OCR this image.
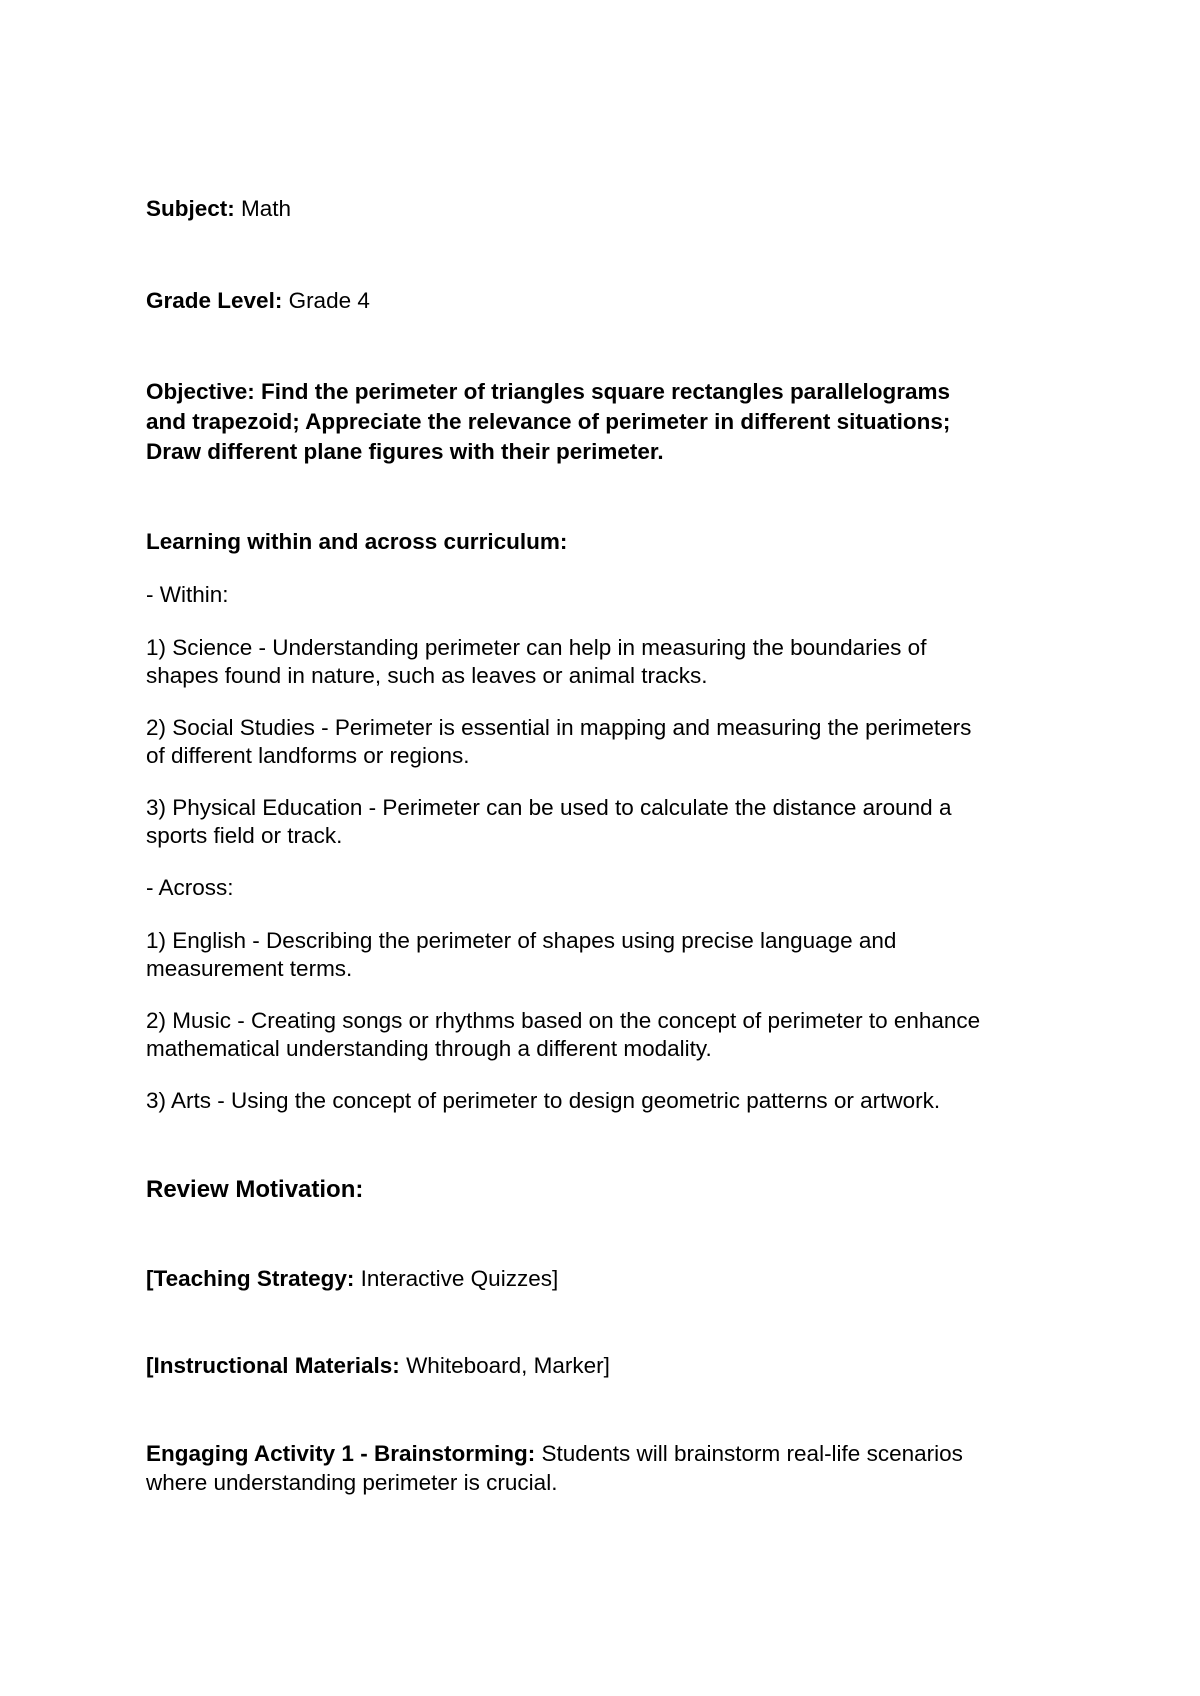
Subject: Math

Grade Level: Grade 4

Objective: Find the perimeter of triangles square rectangles parallelograms

and trapezoid; Appreciate the relevance of perimeter in different situations;

Draw different plane figures with their perimeter.

Learning within and across curriculum:

- Within:

1) Science - Understanding perimeter can help in measuring the boundaries of

shapes found in nature, such as leaves or animal tracks.

2) Social Studies - Perimeter is essential in mapping and measuring the perimeters

of different landforms or regions.

3) Physical Education - Perimeter can be used to calculate the distance around a

sports field or track.

- Across:

1) English - Describing the perimeter of shapes using precise language and

measurement terms.

2) Music - Creating songs or rhythms based on the concept of perimeter to enhance

mathematical understanding through a different modality.

3) Arts - Using the concept of perimeter to design geometric patterns or artwork.

Review Motivation:

[Teaching Strategy: Interactive Quizzes]

[Instructional Materials: Whiteboard, Marker]

Engaging Activity 1 - Brainstorming: Students will brainstorm real-life scenarios

where understanding perimeter is crucial.
